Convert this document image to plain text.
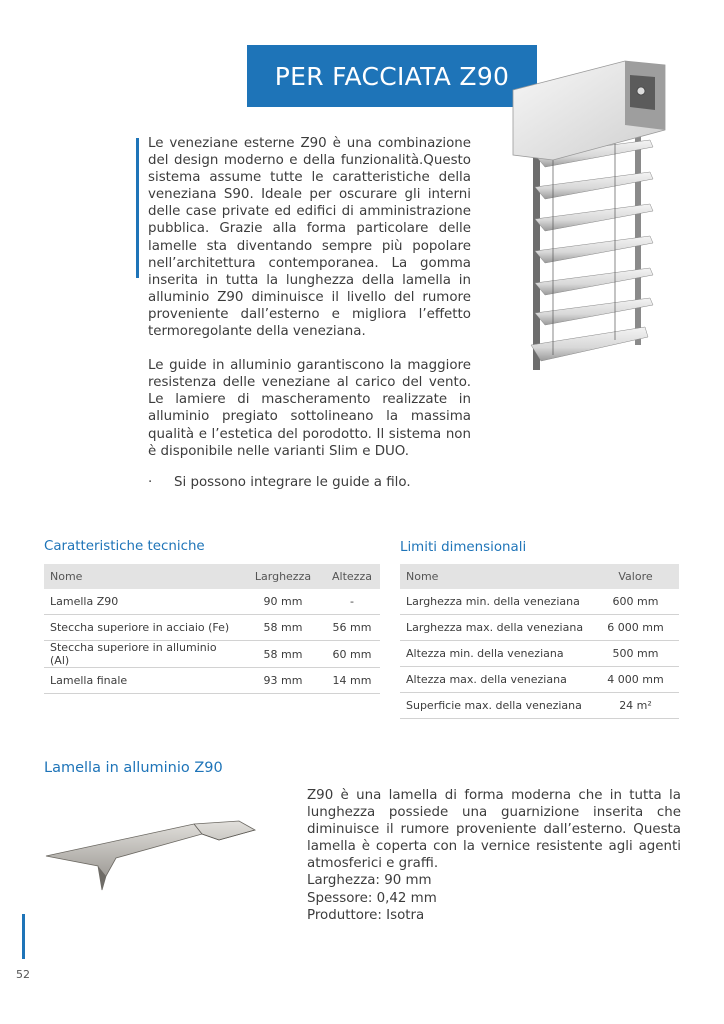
PER FACCIATA Z90

Le veneziane esterne Z90 è una combinazione del design moderno e della funzionalità.Questo sistema assume tutte le caratteristiche della veneziana S90. Ideale per oscurare gli interni delle case private ed edifici di amministrazione pubblica. Grazie alla forma particolare delle lamelle sta diventando sempre più popolare nell’architettura contemporanea. La gomma inserita in tutta la lunghezza della lamella in alluminio Z90 diminuisce il livello del rumore proveniente dall’esterno e migliora l’effetto termoregolante della veneziana.

Le guide in alluminio garantiscono la maggiore resistenza delle veneziane al carico del vento. Le lamiere di mascheramento realizzate in alluminio pregiato sottolineano la massima qualità e l’estetica del porodotto. Il sistema non è disponibile nelle varianti Slim e DUO.

· Si possono integrare le guide a filo.
Caratteristiche tecniche
Nome	Larghezza	Altezza
Lamella Z90	90 mm	-
Steccha superiore in acciaio (Fe)	58 mm	56 mm
Steccha superiore in alluminio (Al)	58 mm	60 mm
Lamella finale	93 mm	14 mm
Limiti dimensionali
Nome	Valore
Larghezza min. della veneziana	600 mm
Larghezza max. della veneziana	6 000 mm
Altezza min. della veneziana	500 mm
Altezza max. della veneziana	4 000 mm
Superficie max. della veneziana	24 m²
Lamella in alluminio Z90

Z90 è una lamella di forma moderna che in tutta la lunghezza possiede una guarnizione inserita che diminuisce il rumore proveniente dall’esterno. Questa lamella è coperta con la vernice resistente agli agenti atmosferici e graffi.

Larghezza: 90 mm

Spessore: 0,42 mm

Produttore: Isotra

52
